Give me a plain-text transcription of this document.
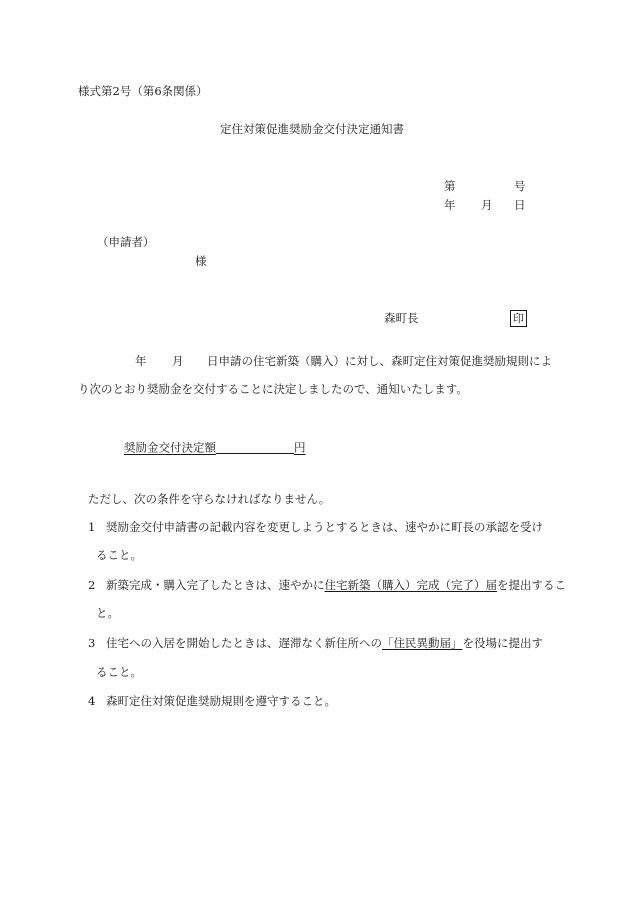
様式第2号（第6条関係）
定住対策促進奨励金交付決定通知書
第	号
年 月 日
（申請者）
様
森町長	印
年 月 日申請の住宅新築（購入）に対し、森町定住対策促進奨励規則によ
り次のとおり奨励金を交付することに決定しましたので、通知いたします。
奨励金交付決定額	円
ただし、次の条件を守らなければなりません。
1 奨励金交付申請書の記載内容を変更しようとするときは、速やかに町長の承認を受け
ること。
2 新築完成・購入完了したときは、速やかに住宅新築（購入）完成（完了）届を提出するこ
と。
3 住宅への入居を開始したときは、遅滞なく新住所への「住民異動届」を役場に提出す
ること。
4 森町定住対策促進奨励規則を遵守すること。
